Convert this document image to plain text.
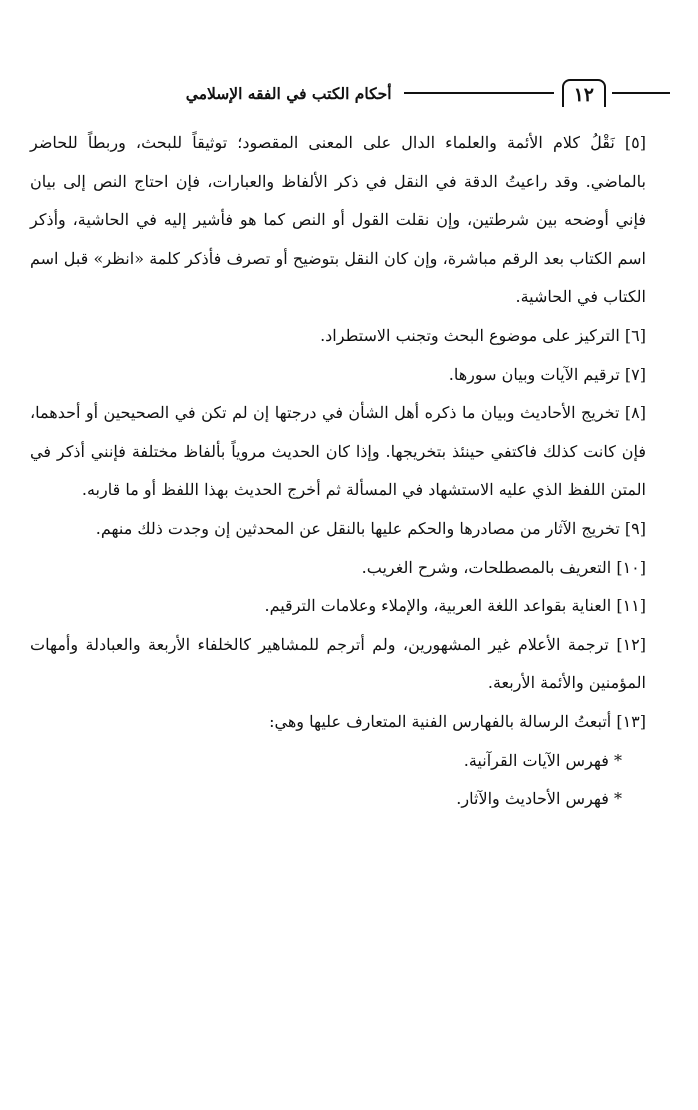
١٢
أحكام الكتب في الفقه الإسلامي

[٥] نَقْلُ كلام الأئمة والعلماء الدال على المعنى المقصود؛ توثيقاً للبحث، وربطاً للحاضر بالماضي. وقد راعيتُ الدقة في النقل في ذكر الألفاظ والعبارات، فإن احتاج النص إلى بيان فإني أوضحه بين شرطتين، وإن نقلت القول أو النص كما هو فأشير إليه في الحاشية، وأذكر اسم الكتاب بعد الرقم مباشرة، وإن كان النقل بتوضيح أو تصرف فأذكر كلمة «انظر» قبل اسم الكتاب في الحاشية.

[٦] التركيز على موضوع البحث وتجنب الاستطراد.

[٧] ترقيم الآيات وبيان سورها.

[٨] تخريج الأحاديث وبيان ما ذكره أهل الشأن في درجتها إن لم تكن في الصحيحين أو أحدهما، فإن كانت كذلك فاكتفي حينئذ بتخريجها. وإذا كان الحديث مروياً بألفاظ مختلفة فإنني أذكر في المتن اللفظ الذي عليه الاستشهاد في المسألة ثم أخرج الحديث بهذا اللفظ أو ما قاربه.

[٩] تخريج الآثار من مصادرها والحكم عليها بالنقل عن المحدثين إن وجدت ذلك منهم.

[١٠] التعريف بالمصطلحات، وشرح الغريب.

[١١] العناية بقواعد اللغة العربية، والإملاء وعلامات الترقيم.

[١٢] ترجمة الأعلام غير المشهورين، ولم أترجم للمشاهير كالخلفاء الأربعة والعبادلة وأمهات المؤمنين والأئمة الأربعة.

[١٣] أتبعتُ الرسالة بالفهارس الفنية المتعارف عليها وهي:

* فهرس الآيات القرآنية.

* فهرس الأحاديث والآثار.
